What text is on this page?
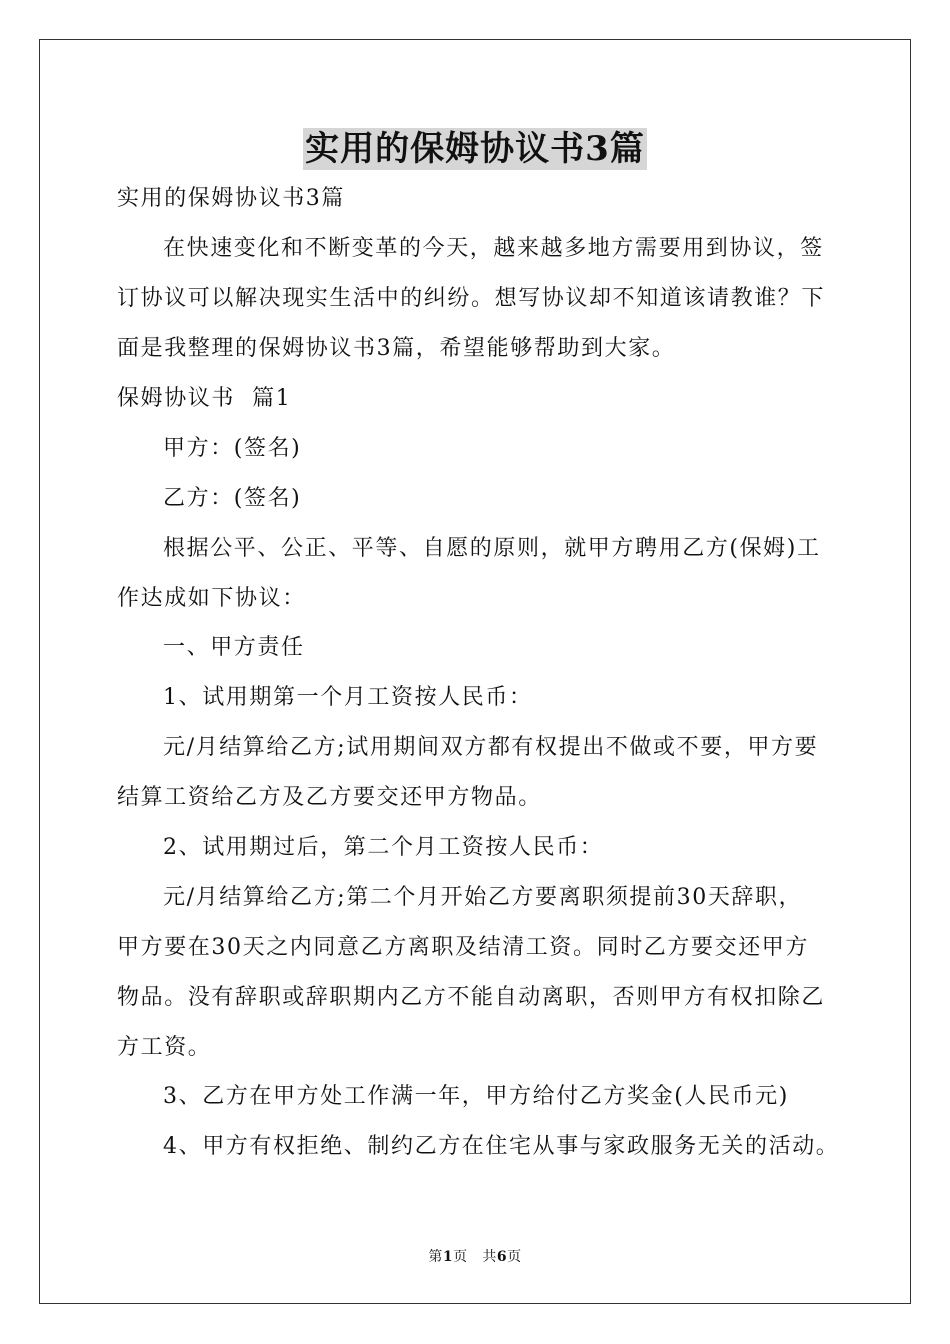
实用的保姆协议书3篇
实用的保姆协议书3篇
在快速变化和不断变革的今天，越来越多地方需要用到协议，签
订协议可以解决现实生活中的纠纷。想写协议却不知道该请教谁？下
面是我整理的保姆协议书3篇，希望能够帮助到大家。
保姆协议书  篇1
甲方：(签名)
乙方：(签名)
根据公平、公正、平等、自愿的原则，就甲方聘用乙方(保姆)工
作达成如下协议：
一、甲方责任
1、试用期第一个月工资按人民币：
元/月结算给乙方;试用期间双方都有权提出不做或不要，甲方要
结算工资给乙方及乙方要交还甲方物品。
2、试用期过后，第二个月工资按人民币：
元/月结算给乙方;第二个月开始乙方要离职须提前30天辞职，
甲方要在30天之内同意乙方离职及结清工资。同时乙方要交还甲方
物品。没有辞职或辞职期内乙方不能自动离职，否则甲方有权扣除乙
方工资。
3、乙方在甲方处工作满一年，甲方给付乙方奖金(人民币元)
4、甲方有权拒绝、制约乙方在住宅从事与家政服务无关的活动。
第1页   共6页
